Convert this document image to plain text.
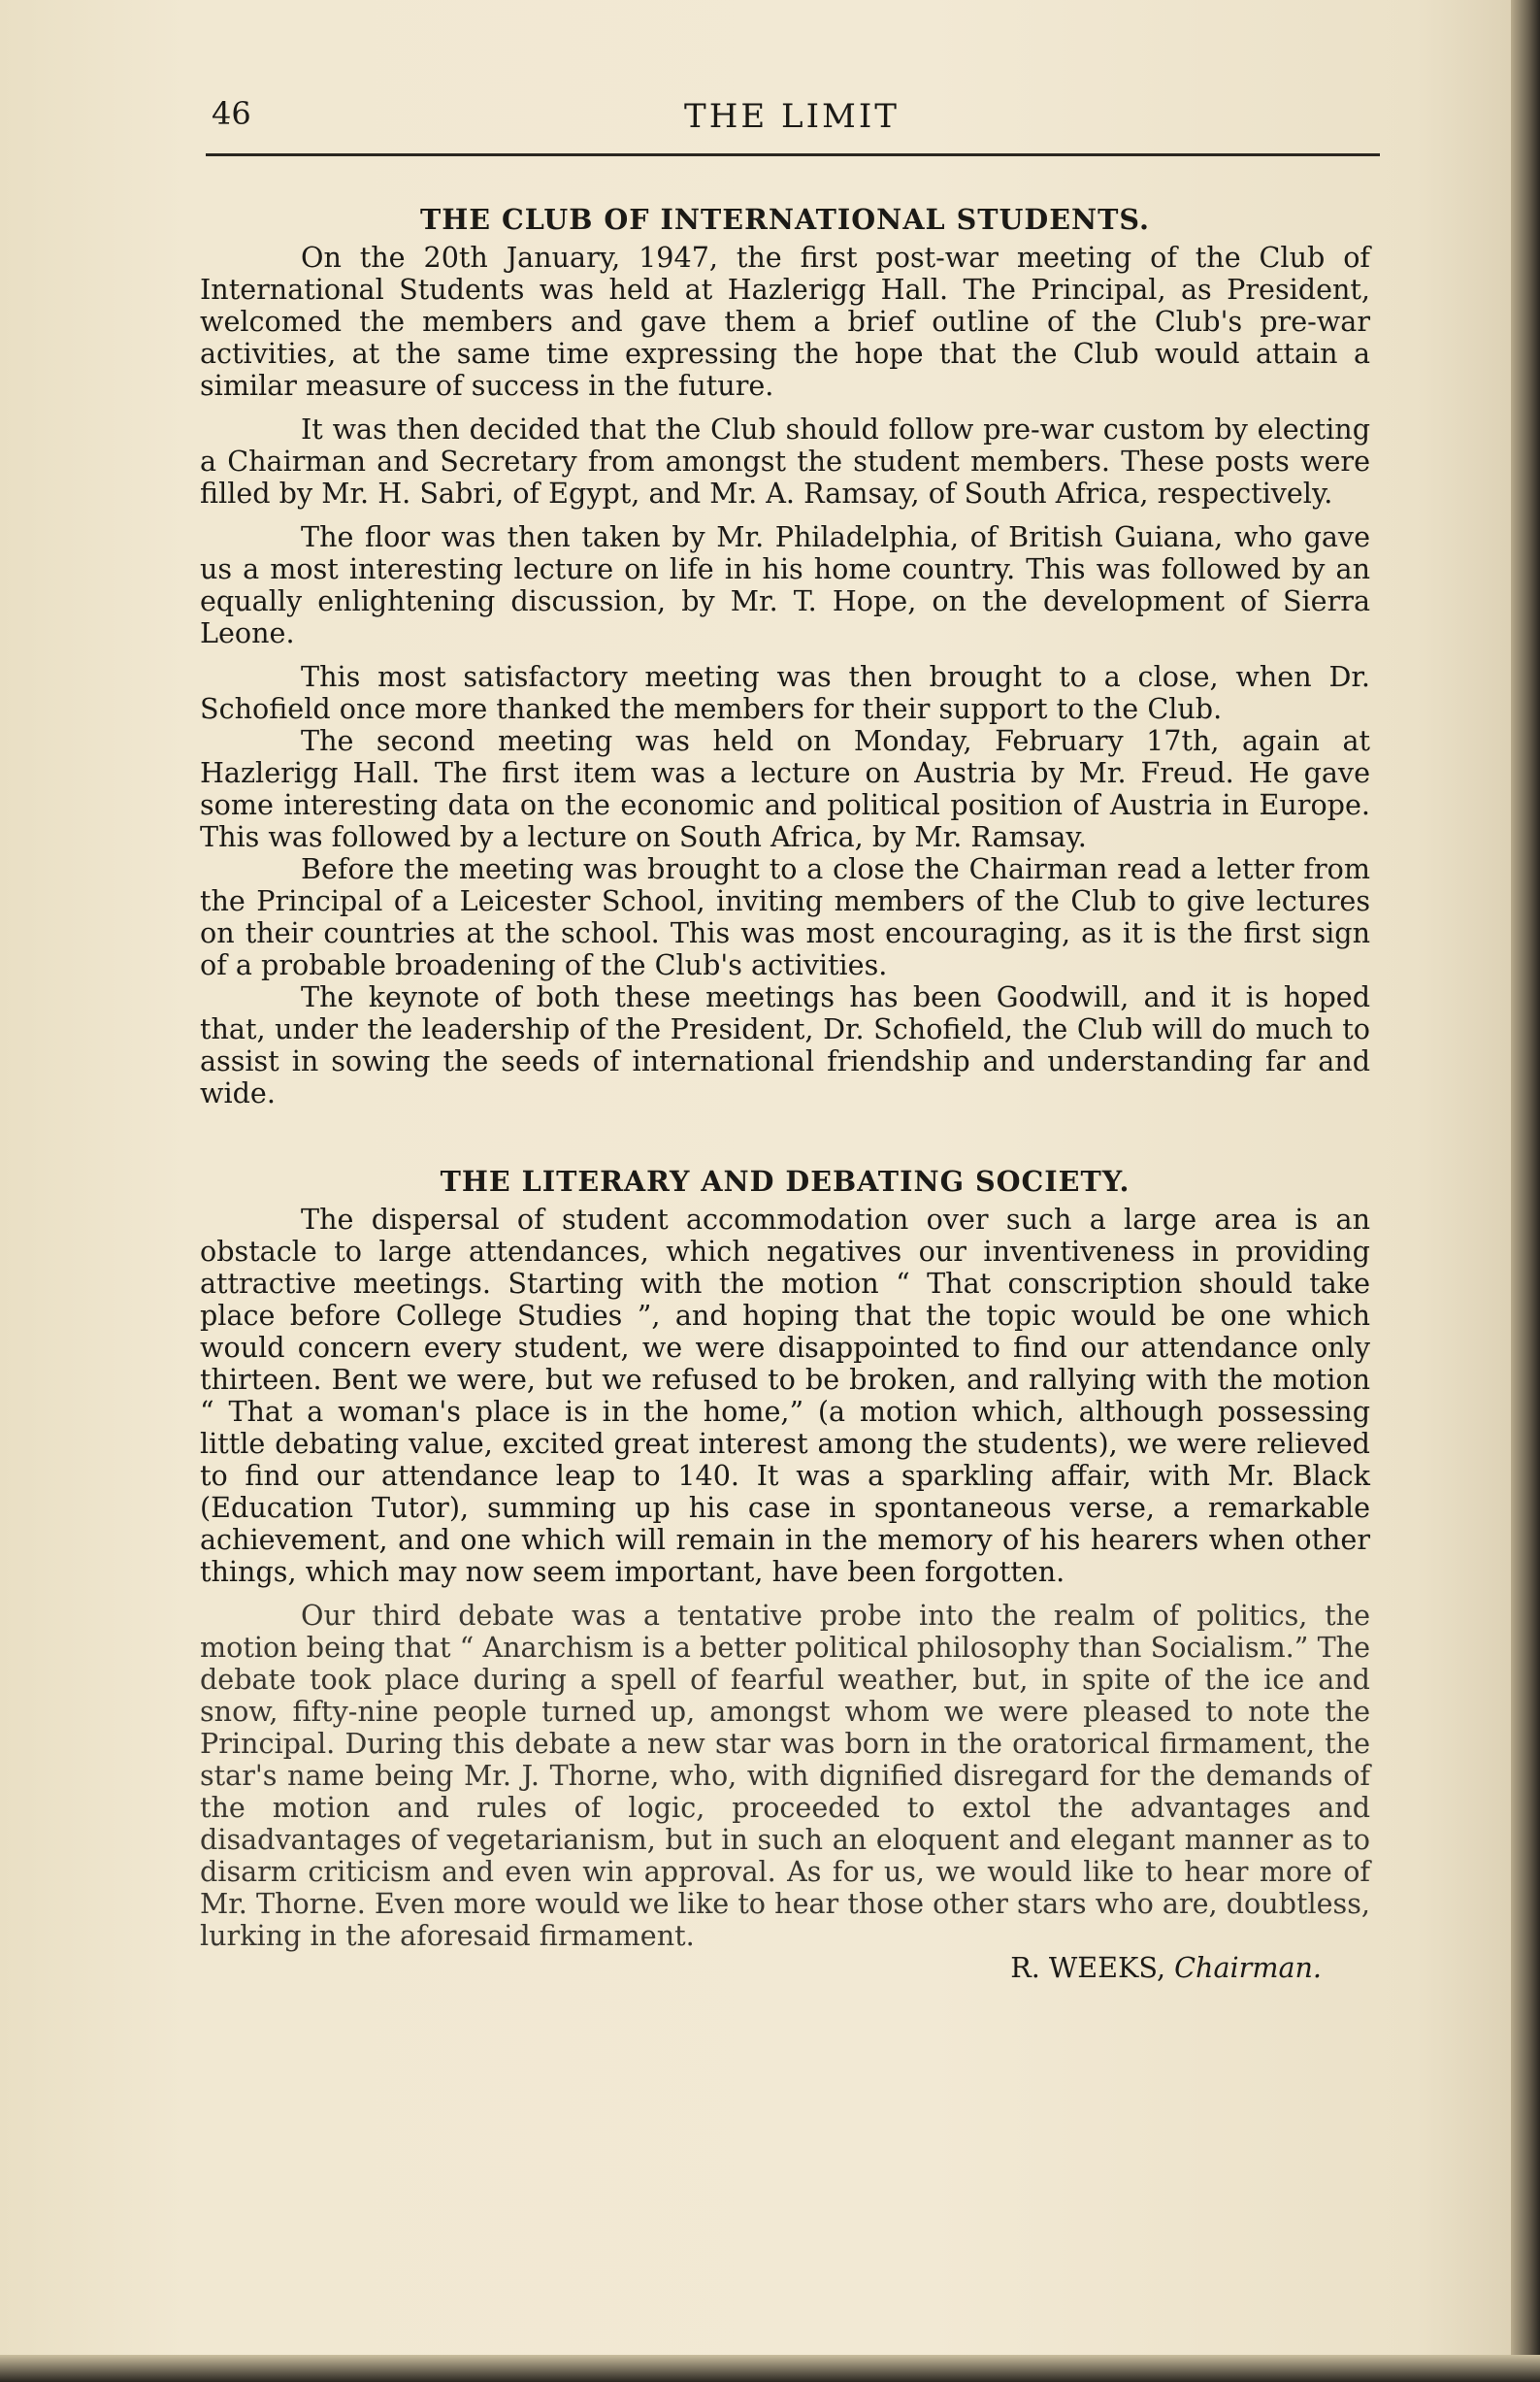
46	THE LIMIT
THE CLUB OF INTERNATIONAL STUDENTS.

On the 20th January, 1947, the first post-war meeting of the Club of International Students was held at Hazlerigg Hall. The Principal, as President, welcomed the members and gave them a brief outline of the Club's pre-war activities, at the same time expressing the hope that the Club would attain a similar measure of success in the future.

It was then decided that the Club should follow pre-war custom by electing a Chairman and Secretary from amongst the student members. These posts were filled by Mr. H. Sabri, of Egypt, and Mr. A. Ramsay, of South Africa, respectively.

The floor was then taken by Mr. Philadelphia, of British Guiana, who gave us a most interesting lecture on life in his home country. This was followed by an equally enlightening discussion, by Mr. T. Hope, on the development of Sierra Leone.

This most satisfactory meeting was then brought to a close, when Dr. Schofield once more thanked the members for their support to the Club.

The second meeting was held on Monday, February 17th, again at Hazlerigg Hall. The first item was a lecture on Austria by Mr. Freud. He gave some interesting data on the economic and political position of Austria in Europe. This was followed by a lecture on South Africa, by Mr. Ramsay.

Before the meeting was brought to a close the Chairman read a letter from the Principal of a Leicester School, inviting members of the Club to give lectures on their countries at the school. This was most encouraging, as it is the first sign of a probable broadening of the Club's activities.

The keynote of both these meetings has been Goodwill, and it is hoped that, under the leadership of the President, Dr. Schofield, the Club will do much to assist in sowing the seeds of international friendship and understanding far and wide.

THE LITERARY AND DEBATING SOCIETY.

The dispersal of student accommodation over such a large area is an obstacle to large attendances, which negatives our inventiveness in providing attractive meetings. Starting with the motion “ That conscription should take place before College Studies ”, and hoping that the topic would be one which would concern every student, we were disappointed to find our attendance only thirteen. Bent we were, but we refused to be broken, and rallying with the motion “ That a woman's place is in the home,” (a motion which, although possessing little debating value, excited great interest among the students), we were relieved to find our attendance leap to 140. It was a sparkling affair, with Mr. Black (Education Tutor), summing up his case in spontaneous verse, a remarkable achievement, and one which will remain in the memory of his hearers when other things, which may now seem important, have been forgotten.

Our third debate was a tentative probe into the realm of politics, the motion being that “ Anarchism is a better political philosophy than Socialism.” The debate took place during a spell of fearful weather, but, in spite of the ice and snow, fifty-nine people turned up, amongst whom we were pleased to note the Principal. During this debate a new star was born in the oratorical firmament, the star's name being Mr. J. Thorne, who, with dignified disregard for the demands of the motion and rules of logic, proceeded to extol the advantages and disadvantages of vegetarianism, but in such an eloquent and elegant manner as to disarm criticism and even win approval. As for us, we would like to hear more of Mr. Thorne. Even more would we like to hear those other stars who are, doubtless, lurking in the aforesaid firmament.

R. WEEKS, Chairman.
